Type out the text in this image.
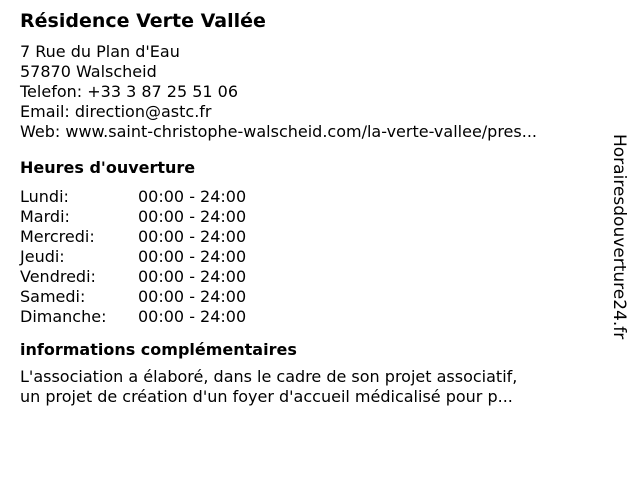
Résidence Verte Vallée
7 Rue du Plan d'Eau
57870 Walscheid
Telefon: +33 3 87 25 51 06
Email: direction@astc.fr
Web: www.saint-christophe-walscheid.com/la-verte-vallee/pres...
Heures d'ouverture
Lundi:	00:00 - 24:00
Mardi:	00:00 - 24:00
Mercredi:	00:00 - 24:00
Jeudi:	00:00 - 24:00
Vendredi:	00:00 - 24:00
Samedi:	00:00 - 24:00
Dimanche:	00:00 - 24:00
informations complémentaires
L'association a élaboré, dans le cadre de son projet associatif,
un projet de création d'un foyer d'accueil médicalisé pour p...
Horairesdouverture24.fr
